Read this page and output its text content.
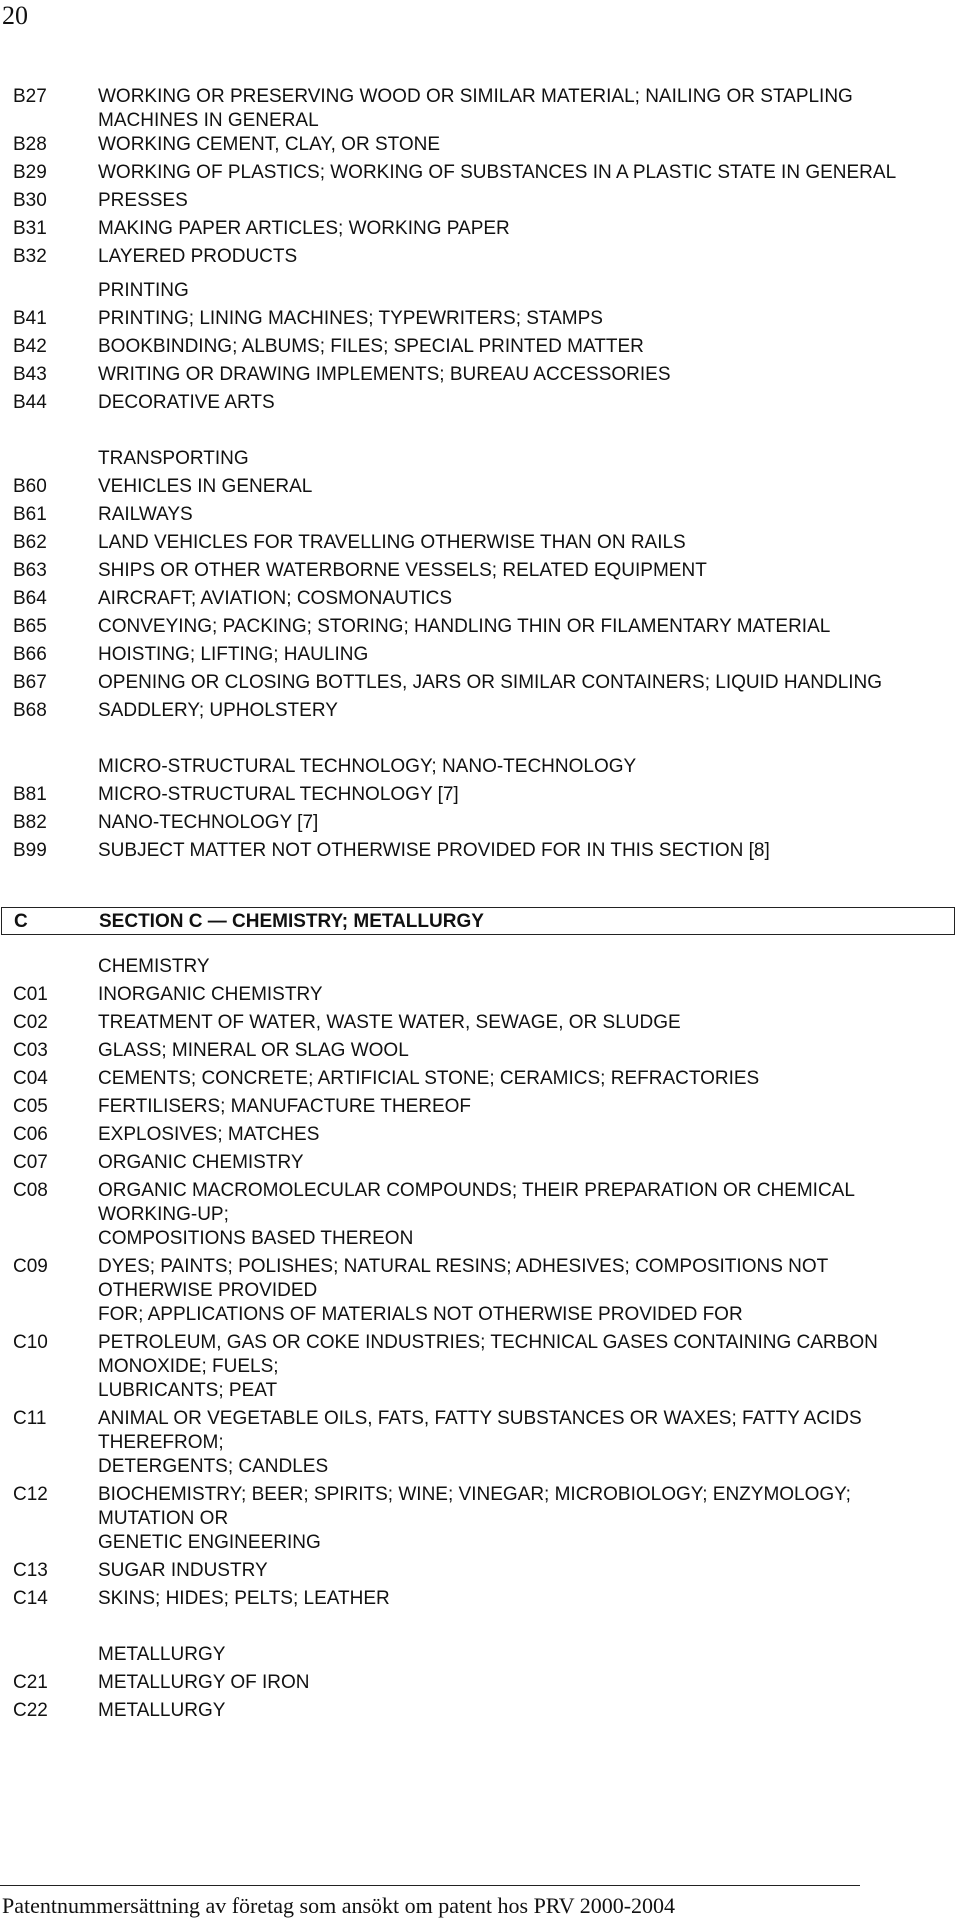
20
B27	WORKING OR PRESERVING WOOD OR SIMILAR MATERIAL; NAILING OR STAPLING MACHINES IN GENERAL
B28	WORKING CEMENT, CLAY, OR STONE
B29	WORKING OF PLASTICS; WORKING OF SUBSTANCES IN A PLASTIC STATE IN GENERAL
B30	PRESSES
B31	MAKING PAPER ARTICLES; WORKING PAPER
B32	LAYERED PRODUCTS
PRINTING
B41	PRINTING; LINING MACHINES; TYPEWRITERS; STAMPS
B42	BOOKBINDING; ALBUMS; FILES; SPECIAL PRINTED MATTER
B43	WRITING OR DRAWING IMPLEMENTS; BUREAU ACCESSORIES
B44	DECORATIVE ARTS
TRANSPORTING
B60	VEHICLES IN GENERAL
B61	RAILWAYS
B62	LAND VEHICLES FOR TRAVELLING OTHERWISE THAN ON RAILS
B63	SHIPS OR OTHER WATERBORNE VESSELS; RELATED EQUIPMENT
B64	AIRCRAFT; AVIATION; COSMONAUTICS
B65	CONVEYING; PACKING; STORING; HANDLING THIN OR FILAMENTARY MATERIAL
B66	HOISTING; LIFTING; HAULING
B67	OPENING OR CLOSING BOTTLES, JARS OR SIMILAR CONTAINERS; LIQUID HANDLING
B68	SADDLERY; UPHOLSTERY
MICRO-STRUCTURAL TECHNOLOGY; NANO-TECHNOLOGY
B81	MICRO-STRUCTURAL TECHNOLOGY [7]
B82	NANO-TECHNOLOGY [7]
B99	SUBJECT MATTER NOT OTHERWISE PROVIDED FOR IN THIS SECTION [8]
C	SECTION C — CHEMISTRY; METALLURGY
CHEMISTRY
C01	INORGANIC CHEMISTRY
C02	TREATMENT OF WATER, WASTE WATER, SEWAGE, OR SLUDGE
C03	GLASS; MINERAL OR SLAG WOOL
C04	CEMENTS; CONCRETE; ARTIFICIAL STONE; CERAMICS; REFRACTORIES
C05	FERTILISERS; MANUFACTURE THEREOF
C06	EXPLOSIVES; MATCHES
C07	ORGANIC CHEMISTRY
C08	ORGANIC MACROMOLECULAR COMPOUNDS; THEIR PREPARATION OR CHEMICAL WORKING-UP;
COMPOSITIONS BASED THEREON
C09	DYES; PAINTS; POLISHES; NATURAL RESINS; ADHESIVES; COMPOSITIONS NOT OTHERWISE PROVIDED
FOR; APPLICATIONS OF MATERIALS NOT OTHERWISE PROVIDED FOR
C10	PETROLEUM, GAS OR COKE INDUSTRIES; TECHNICAL GASES CONTAINING CARBON MONOXIDE; FUELS;
LUBRICANTS; PEAT
C11	ANIMAL OR VEGETABLE OILS, FATS, FATTY SUBSTANCES OR WAXES; FATTY ACIDS THEREFROM;
DETERGENTS; CANDLES
C12	BIOCHEMISTRY; BEER; SPIRITS; WINE; VINEGAR; MICROBIOLOGY; ENZYMOLOGY; MUTATION OR
GENETIC ENGINEERING
C13	SUGAR INDUSTRY
C14	SKINS; HIDES; PELTS; LEATHER
METALLURGY
C21	METALLURGY OF IRON
C22	METALLURGY
Patentnummersättning av företag som ansökt om patent hos PRV 2000-2004
